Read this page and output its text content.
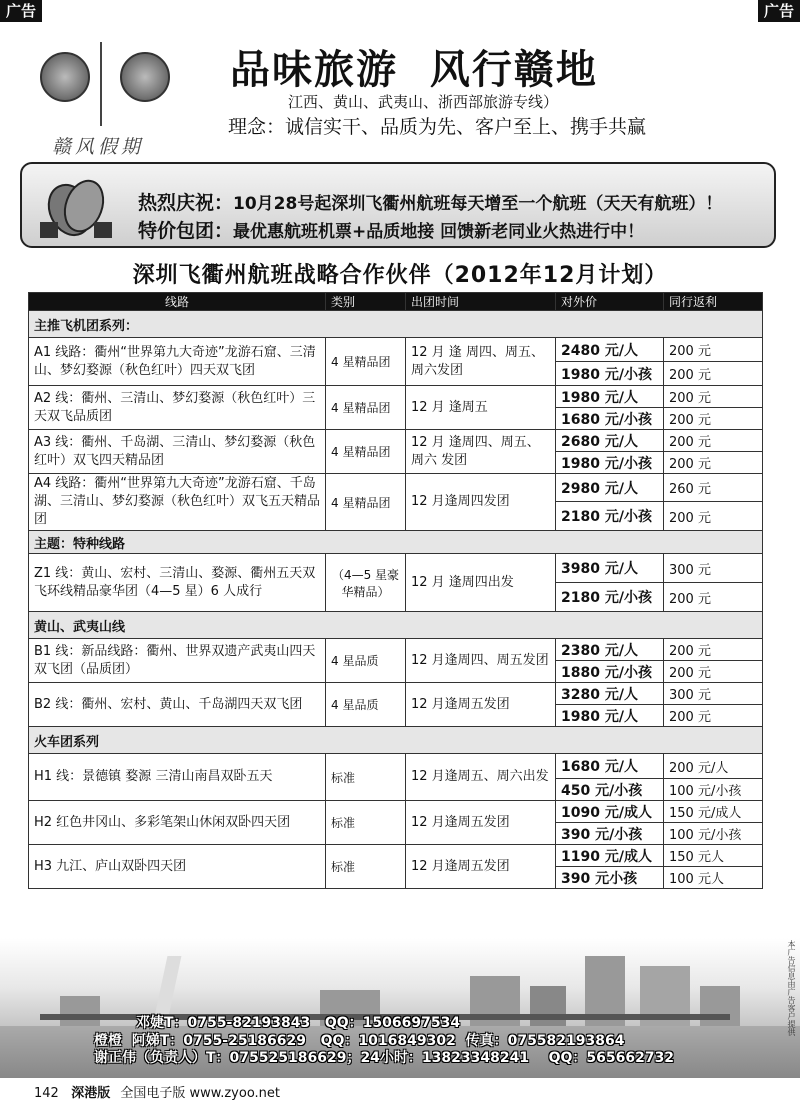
广告	广告
赣风假期
品味旅游  风行赣地
江西、黄山、武夷山、浙西部旅游专线）
理念：诚信实干、品质为先、客户至上、携手共赢
热烈庆祝：10月28号起深圳飞衢州航班每天增至一个航班（天天有航班）！
特价包团：最优惠航班机票+品质地接 回馈新老同业火热进行中！
深圳飞衢州航班战略合作伙伴（2012年12月计划）
线路	类别	出团时间	对外价	同行返利
主推飞机团系列：				
A1 线路：衢州“世界第九大奇迹”龙游石窟、三清山、梦幻婺源（秋色红叶）四天双飞团	4 星精品团	12 月 逢 周四、周五、周六发团	2480 元/人	200 元
			1980 元/小孩	200 元
A2 线：衢州、三清山、梦幻婺源（秋色红叶）三天双飞品质团	4 星精品团	12 月 逢周五	1980 元/人	200 元
			1680 元/小孩	200 元
A3 线：衢州、千岛湖、三清山、梦幻婺源（秋色红叶）双飞四天精品团	4 星精品团	12 月 逢周四、周五、周六 发团	2680 元/人	200 元
			1980 元/小孩	200 元
A4 线路：衢州“世界第九大奇迹”龙游石窟、千岛湖、三清山、梦幻婺源（秋色红叶）双飞五天精品团	4 星精品团	12 月逢周四发团	2980 元/人	260 元
			2180 元/小孩	200 元
主题：特种线路				
Z1 线：黄山、宏村、三清山、婺源、衢州五天双飞环线精品豪华团（4—5 星）6 人成行	（4—5 星豪华精品）	12 月 逢周四出发	3980 元/人	300 元
			2180 元/小孩	200 元
黄山、武夷山线				
B1 线：新品线路：衢州、世界双遗产武夷山四天双飞团（品质团）	4 星品质	12 月逢周四、周五发团	2380 元/人	200 元
			1880 元/小孩	200 元
B2 线：衢州、宏村、黄山、千岛湖四天双飞团	4 星品质	12 月逢周五发团	3280 元/人	300 元
			1980 元/人	200 元
火车团系列				
H1 线：景德镇 婺源 三清山南昌双卧五天	标准	12 月逢周五、周六出发	1680 元/人	200 元/人
			450 元/小孩	100 元/小孩
H2 红色井冈山、多彩笔架山休闲双卧四天团	标准	12 月逢周五发团	1090 元/成人	150 元/成人
			390 元/小孩	100 元/小孩
H3 九江、庐山双卧四天团	标准	12 月逢周五发团	1190 元/成人	150 元人
			390 元小孩	100 元人
邓婕T：0755-82193843   QQ：1506697534
橙橙  阿娣T：0755-25186629   QQ：1016849302  传真：075582193864
谢正伟（负责人）T：075525186629；24小时：13823348241    QQ：565662732
本广告信息由广告客户提供
142 深港版 全国电子版 www.zyoo.net
